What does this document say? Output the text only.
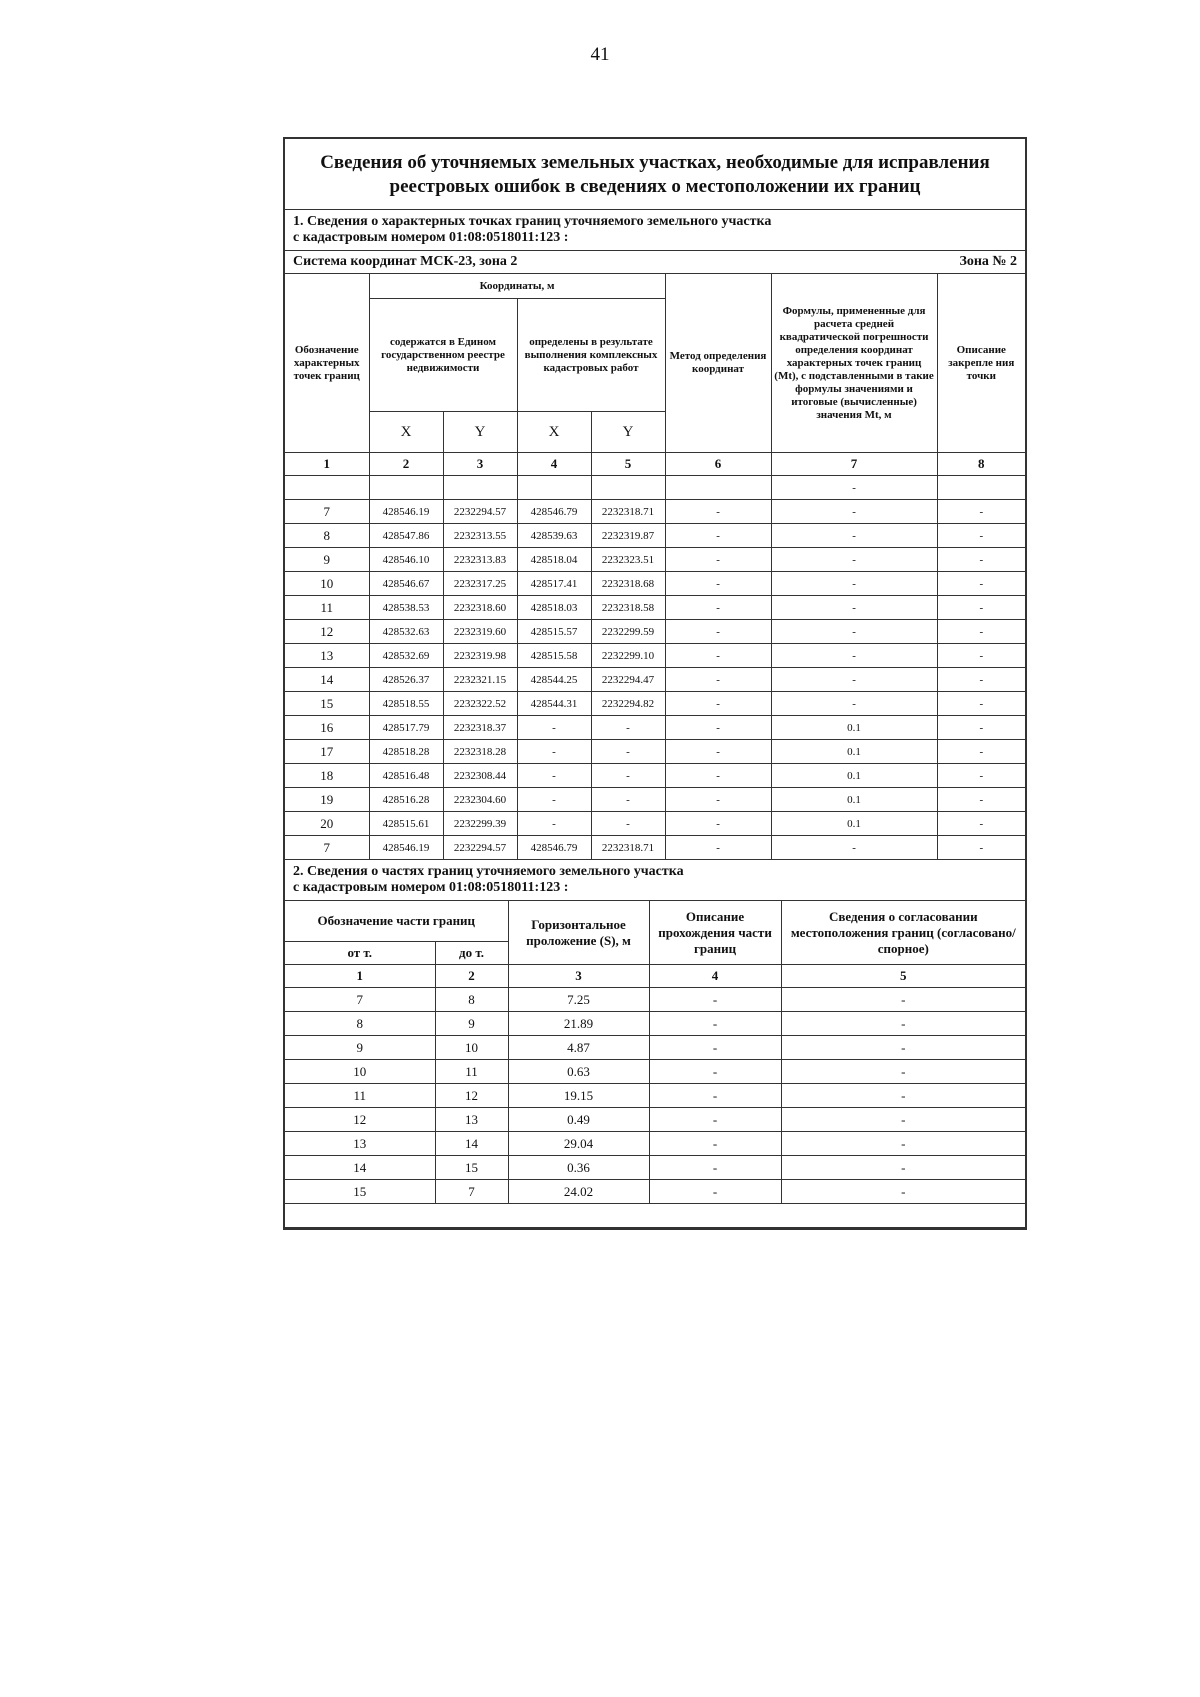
41
Сведения об уточняемых земельных участках, необходимые для исправления реестровых ошибок в сведениях о местоположении их границ
1. Сведения о характерных точках границ уточняемого земельного участка
с кадастровым номером 01:08:0518011:123 :
Система координат МСК-23, зона 2	Зона № 2
Обозначение характерных точек границ	Координаты, м				Метод определения координат	Формулы, примененные для расчета средней квадратической погрешности определения координат характерных точек границ (Mt), с подставленными в такие формулы значениями и итоговые (вычисленные) значения Mt, м	Описание закрепле ния точки
	содержатся в Едином государственном реестре недвижимости		определены в результате выполнения комплексных кадастровых работ				
	X	Y	X	Y			
1	2	3	4	5	6	7	8
						-	
7	428546.19	2232294.57	428546.79	2232318.71	-	-	-
8	428547.86	2232313.55	428539.63	2232319.87	-	-	-
9	428546.10	2232313.83	428518.04	2232323.51	-	-	-
10	428546.67	2232317.25	428517.41	2232318.68	-	-	-
11	428538.53	2232318.60	428518.03	2232318.58	-	-	-
12	428532.63	2232319.60	428515.57	2232299.59	-	-	-
13	428532.69	2232319.98	428515.58	2232299.10	-	-	-
14	428526.37	2232321.15	428544.25	2232294.47	-	-	-
15	428518.55	2232322.52	428544.31	2232294.82	-	-	-
16	428517.79	2232318.37	-	-	-	0.1	-
17	428518.28	2232318.28	-	-	-	0.1	-
18	428516.48	2232308.44	-	-	-	0.1	-
19	428516.28	2232304.60	-	-	-	0.1	-
20	428515.61	2232299.39	-	-	-	0.1	-
7	428546.19	2232294.57	428546.79	2232318.71	-	-	-
2. Сведения о частях границ уточняемого земельного участка
с кадастровым номером 01:08:0518011:123 :
Обозначение части границ		Горизонтальное проложение (S), м	Описание прохождения части границ	Сведения о согласовании местоположения границ (согласовано/спорное)
от т.	до т.			
1	2	3	4	5
7	8	7.25	-	-
8	9	21.89	-	-
9	10	4.87	-	-
10	11	0.63	-	-
11	12	19.15	-	-
12	13	0.49	-	-
13	14	29.04	-	-
14	15	0.36	-	-
15	7	24.02	-	-
